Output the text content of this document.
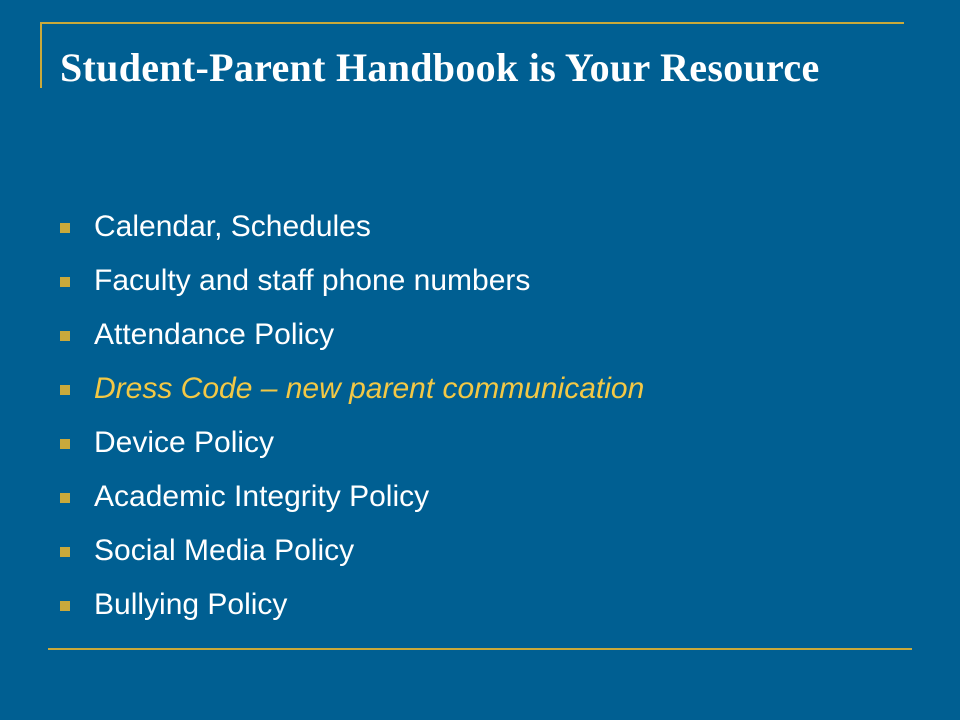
Student-Parent Handbook is Your Resource
Calendar, Schedules
Faculty and staff phone numbers
Attendance Policy
Dress Code – new parent communication
Device Policy
Academic Integrity Policy
Social Media Policy
Bullying Policy
